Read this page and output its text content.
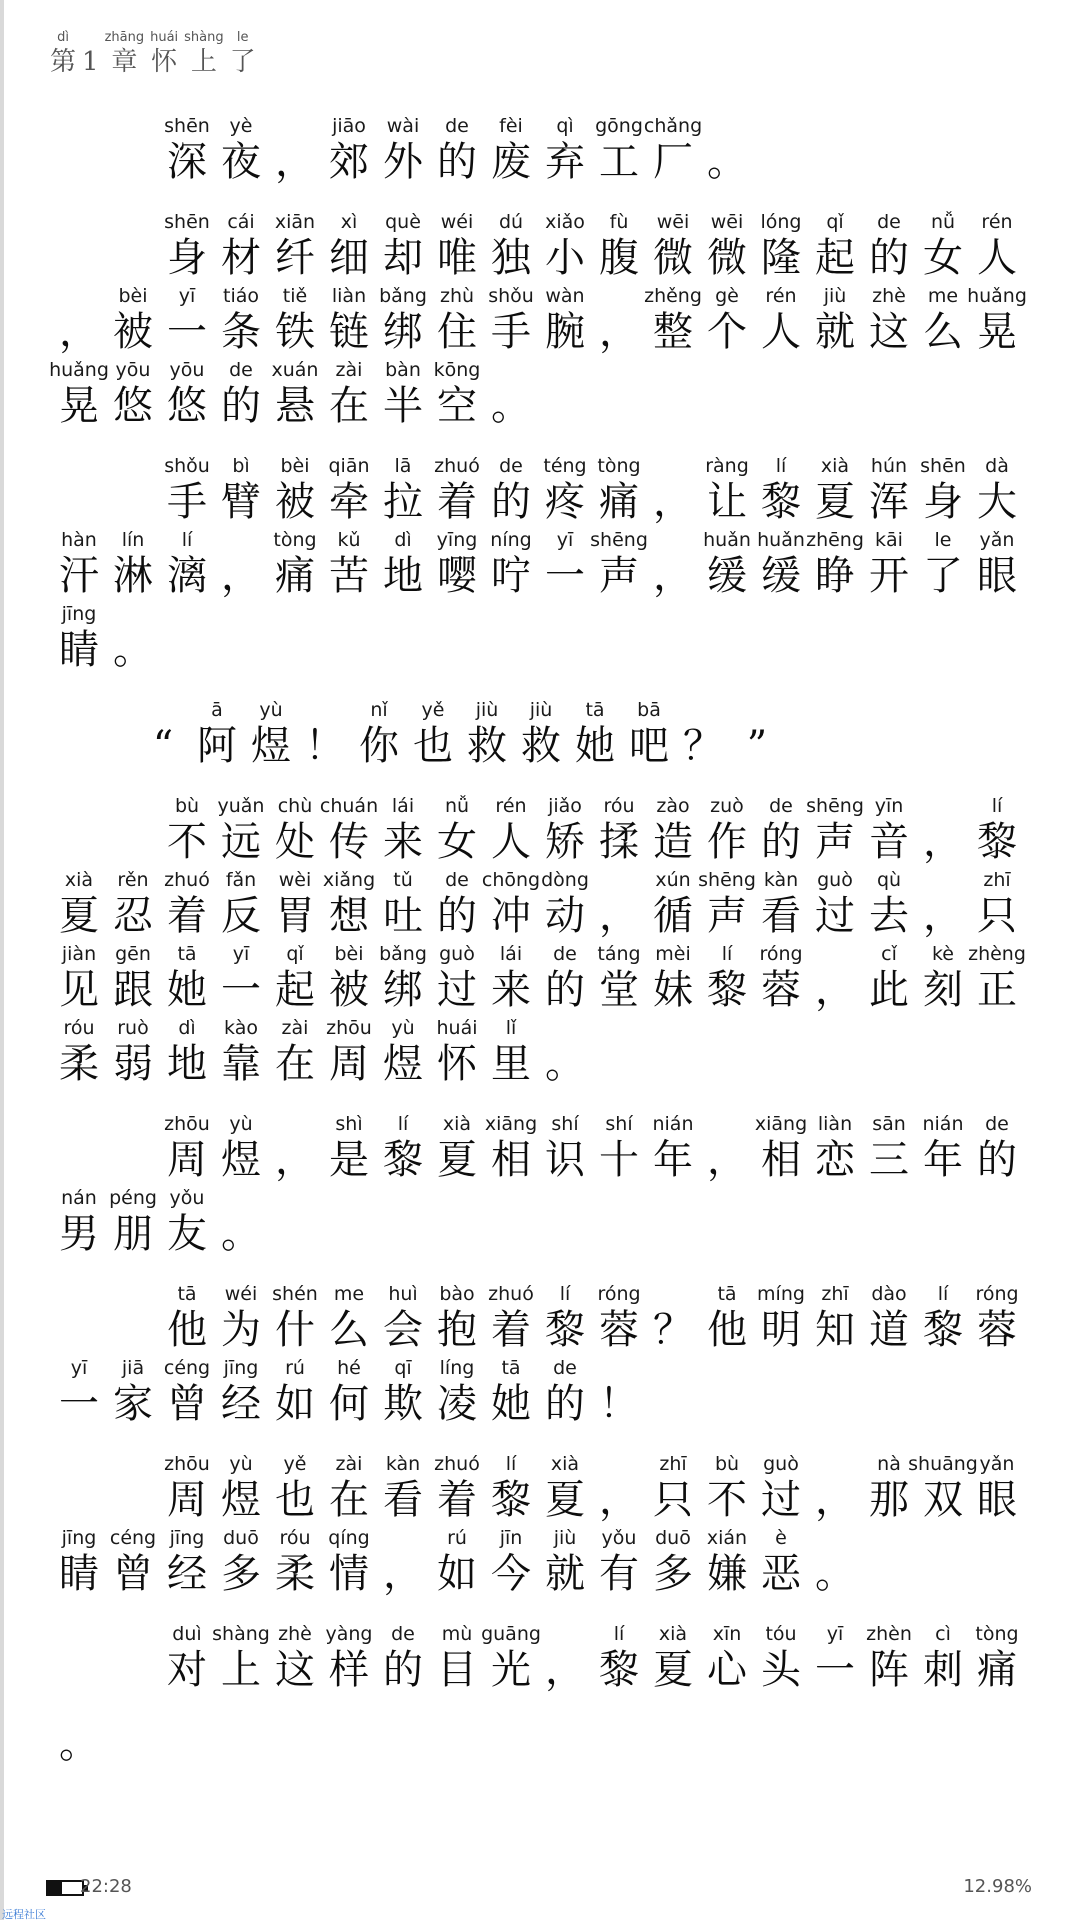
dì
第 1
zhāng
章
huái
怀
shàng
上
le
了
shēn
深
yè
夜 ，
jiāo
郊
wài
外
de
的
fèi
废
qì
弃
gōng
工
chǎng
厂 。
shēn
身
cái
材
xiān
纤
xì
细
què
却
wéi
唯
dú
独
xiǎo
小
fù
腹
wēi
微
wēi
微
lóng
隆
qǐ
起
de
的
nǚ
女
rén
人
，
bèi
被
yī
一
tiáo
条
tiě
铁
liàn
链
bǎng
绑
zhù
住
shǒu
手
wàn
腕 ，
zhěng
整
gè
个
rén
人
jiù
就
zhè
这
me
么
huǎng
晃
huǎng
晃
yōu
悠
yōu
悠
de
的
xuán
悬
zài
在
bàn
半
kōng
空 。
shǒu
手
bì
臂
bèi
被
qiān
牵
lā
拉
zhuó
着
de
的
téng
疼
tòng
痛 ，
ràng
让
lí
黎
xià
夏
hún
浑
shēn
身
dà
大
hàn
汗
lín
淋
lí
漓 ，
tòng
痛
kǔ
苦
dì
地
yīng
嘤
níng
咛
yī
一
shēng
声 ，
huǎn
缓
huǎn
缓
zhēng
睁
kāi
开
le
了
yǎn
眼
jīng
睛 。
“
ā
阿
yù
煜 ！
nǐ
你
yě
也
jiù
救
jiù
救
tā
她
bā
吧 ？ ”
bù
不
yuǎn
远
chù
处
chuán
传
lái
来
nǚ
女
rén
人
jiǎo
矫
róu
揉
zào
造
zuò
作
de
的
shēng
声
yīn
音 ，
lí
黎
xià
夏
rěn
忍
zhuó
着
fǎn
反
wèi
胃
xiǎng
想
tǔ
吐
de
的
chōng
冲
dòng
动 ，
xún
循
shēng
声
kàn
看
guò
过
qù
去 ，
zhī
只
jiàn
见
gēn
跟
tā
她
yī
一
qǐ
起
bèi
被
bǎng
绑
guò
过
lái
来
de
的
táng
堂
mèi
妹
lí
黎
róng
蓉 ，
cǐ
此
kè
刻
zhèng
正
róu
柔
ruò
弱
dì
地
kào
靠
zài
在
zhōu
周
yù
煜
huái
怀
lǐ
里 。
zhōu
周
yù
煜 ，
shì
是
lí
黎
xià
夏
xiāng
相
shí
识
shí
十
nián
年 ，
xiāng
相
liàn
恋
sān
三
nián
年
de
的
nán
男
péng
朋
yǒu
友 。
tā
他
wéi
为
shén
什
me
么
huì
会
bào
抱
zhuó
着
lí
黎
róng
蓉 ？
tā
他
míng
明
zhī
知
dào
道
lí
黎
róng
蓉
yī
一
jiā
家
céng
曾
jīng
经
rú
如
hé
何
qī
欺
líng
凌
tā
她
de
的 ！
zhōu
周
yù
煜
yě
也
zài
在
kàn
看
zhuó
着
lí
黎
xià
夏 ，
zhī
只
bù
不
guò
过 ，
nà
那
shuāng
双
yǎn
眼
jīng
睛
céng
曾
jīng
经
duō
多
róu
柔
qíng
情 ，
rú
如
jīn
今
jiù
就
yǒu
有
duō
多
xián
嫌
è
恶 。
duì
对
shàng
上
zhè
这
yàng
样
de
的
mù
目
guāng
光 ，
lí
黎
xià
夏
xīn
心
tóu
头
yī
一
zhèn
阵
cì
刺
tòng
痛
。
22:28	12.98%
远程社区
